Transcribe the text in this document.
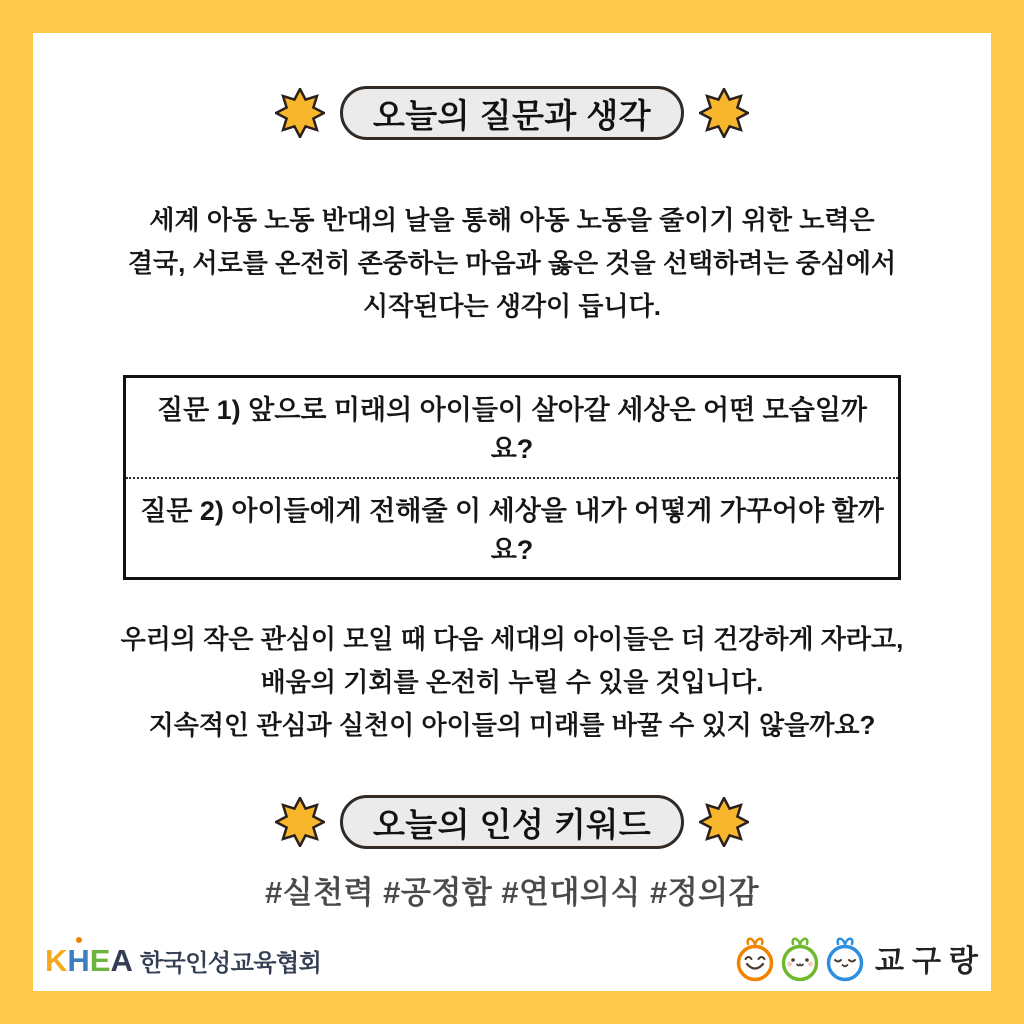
오늘의 질문과 생각
세계 아동 노동 반대의 날을 통해 아동 노동을 줄이기 위한 노력은
결국, 서로를 온전히 존중하는 마음과 옳은 것을 선택하려는 중심에서
시작된다는 생각이 듭니다.
질문 1) 앞으로 미래의 아이들이 살아갈 세상은 어떤 모습일까요?
질문 2) 아이들에게 전해줄 이 세상을 내가 어떻게 가꾸어야 할까요?
우리의 작은 관심이 모일 때 다음 세대의 아이들은 더 건강하게 자라고,
배움의 기회를 온전히 누릴 수 있을 것입니다.
지속적인 관심과 실천이 아이들의 미래를 바꿀 수 있지 않을까요?
오늘의 인성 키워드
#실천력 #공정함 #연대의식 #정의감
K H E A 한국인성교육협회	교구랑
